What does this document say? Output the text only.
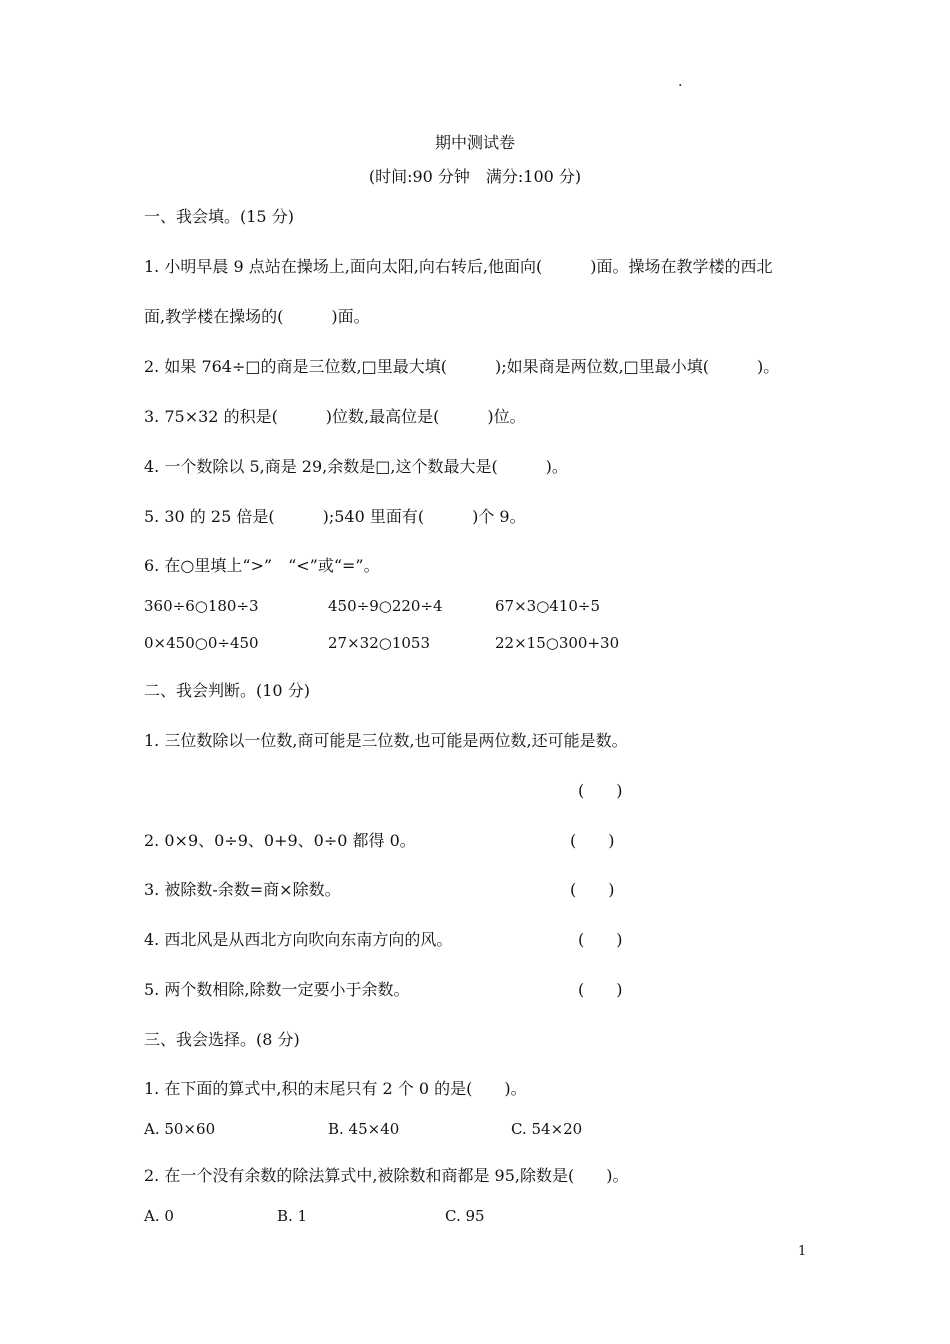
.
期中测试卷
(时间:90 分钟　满分:100 分)
一、我会填。(15 分)
1. 小明早晨 9 点站在操场上,面向太阳,向右转后,他面向(　　　)面。操场在教学楼的西北
面,教学楼在操场的(　　　)面。
2. 如果 764÷□的商是三位数,□里最大填(　　　);如果商是两位数,□里最小填(　　　)。
3. 75×32 的积是(　　　)位数,最高位是(　　　)位。
4. 一个数除以 5,商是 29,余数是□,这个数最大是(　　　)。
5. 30 的 25 倍是(　　　);540 里面有(　　　)个 9。
6. 在○里填上“>”　“<”或“=”。
360÷6○180÷3	450÷9○220÷4	67×3○410÷5
0×450○0÷450	27×32○1053	22×15○300+30
二、我会判断。(10 分)
1. 三位数除以一位数,商可能是三位数,也可能是两位数,还可能是数。
(　　)
2. 0×9、0÷9、0+9、0÷0 都得 0。	(　　)
3. 被除数-余数=商×除数。	(　　)
4. 西北风是从西北方向吹向东南方向的风。	(　　)
5. 两个数相除,除数一定要小于余数。	(　　)
三、我会选择。(8 分)
1. 在下面的算式中,积的末尾只有 2 个 0 的是(　　)。
A. 50×60	B. 45×40	C. 54×20
2. 在一个没有余数的除法算式中,被除数和商都是 95,除数是(　　)。
A. 0	B. 1	C. 95
1
